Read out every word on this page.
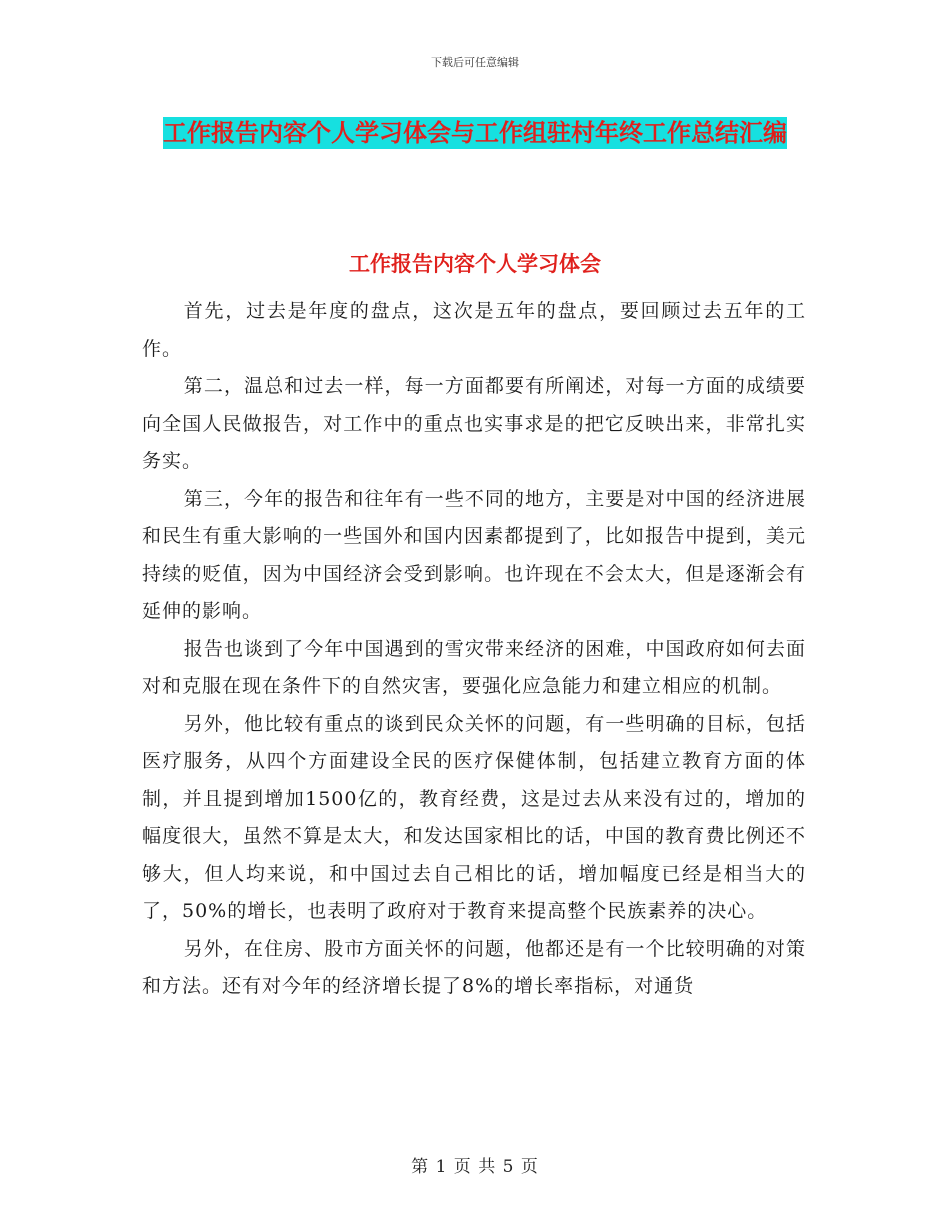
下载后可任意编辑
工作报告内容个人学习体会与工作组驻村年终工作总结汇编
工作报告内容个人学习体会

首先，过去是年度的盘点，这次是五年的盘点，要回顾过去五年的工作。

第二，温总和过去一样，每一方面都要有所阐述，对每一方面的成绩要向全国人民做报告，对工作中的重点也实事求是的把它反映出来，非常扎实务实。

第三，今年的报告和往年有一些不同的地方，主要是对中国的经济进展和民生有重大影响的一些国外和国内因素都提到了，比如报告中提到，美元持续的贬值，因为中国经济会受到影响。也许现在不会太大，但是逐渐会有延伸的影响。

报告也谈到了今年中国遇到的雪灾带来经济的困难，中国政府如何去面对和克服在现在条件下的自然灾害，要强化应急能力和建立相应的机制。

另外，他比较有重点的谈到民众关怀的问题，有一些明确的目标，包括医疗服务，从四个方面建设全民的医疗保健体制，包括建立教育方面的体制，并且提到增加1500亿的，教育经费，这是过去从来没有过的，增加的幅度很大，虽然不算是太大，和发达国家相比的话，中国的教育费比例还不够大，但人均来说，和中国过去自己相比的话，增加幅度已经是相当大的了，50%的增长，也表明了政府对于教育来提高整个民族素养的决心。

另外，在住房、股市方面关怀的问题，他都还是有一个比较明确的对策和方法。还有对今年的经济增长提了8%的增长率指标，对通货

第 1 页 共 5 页
